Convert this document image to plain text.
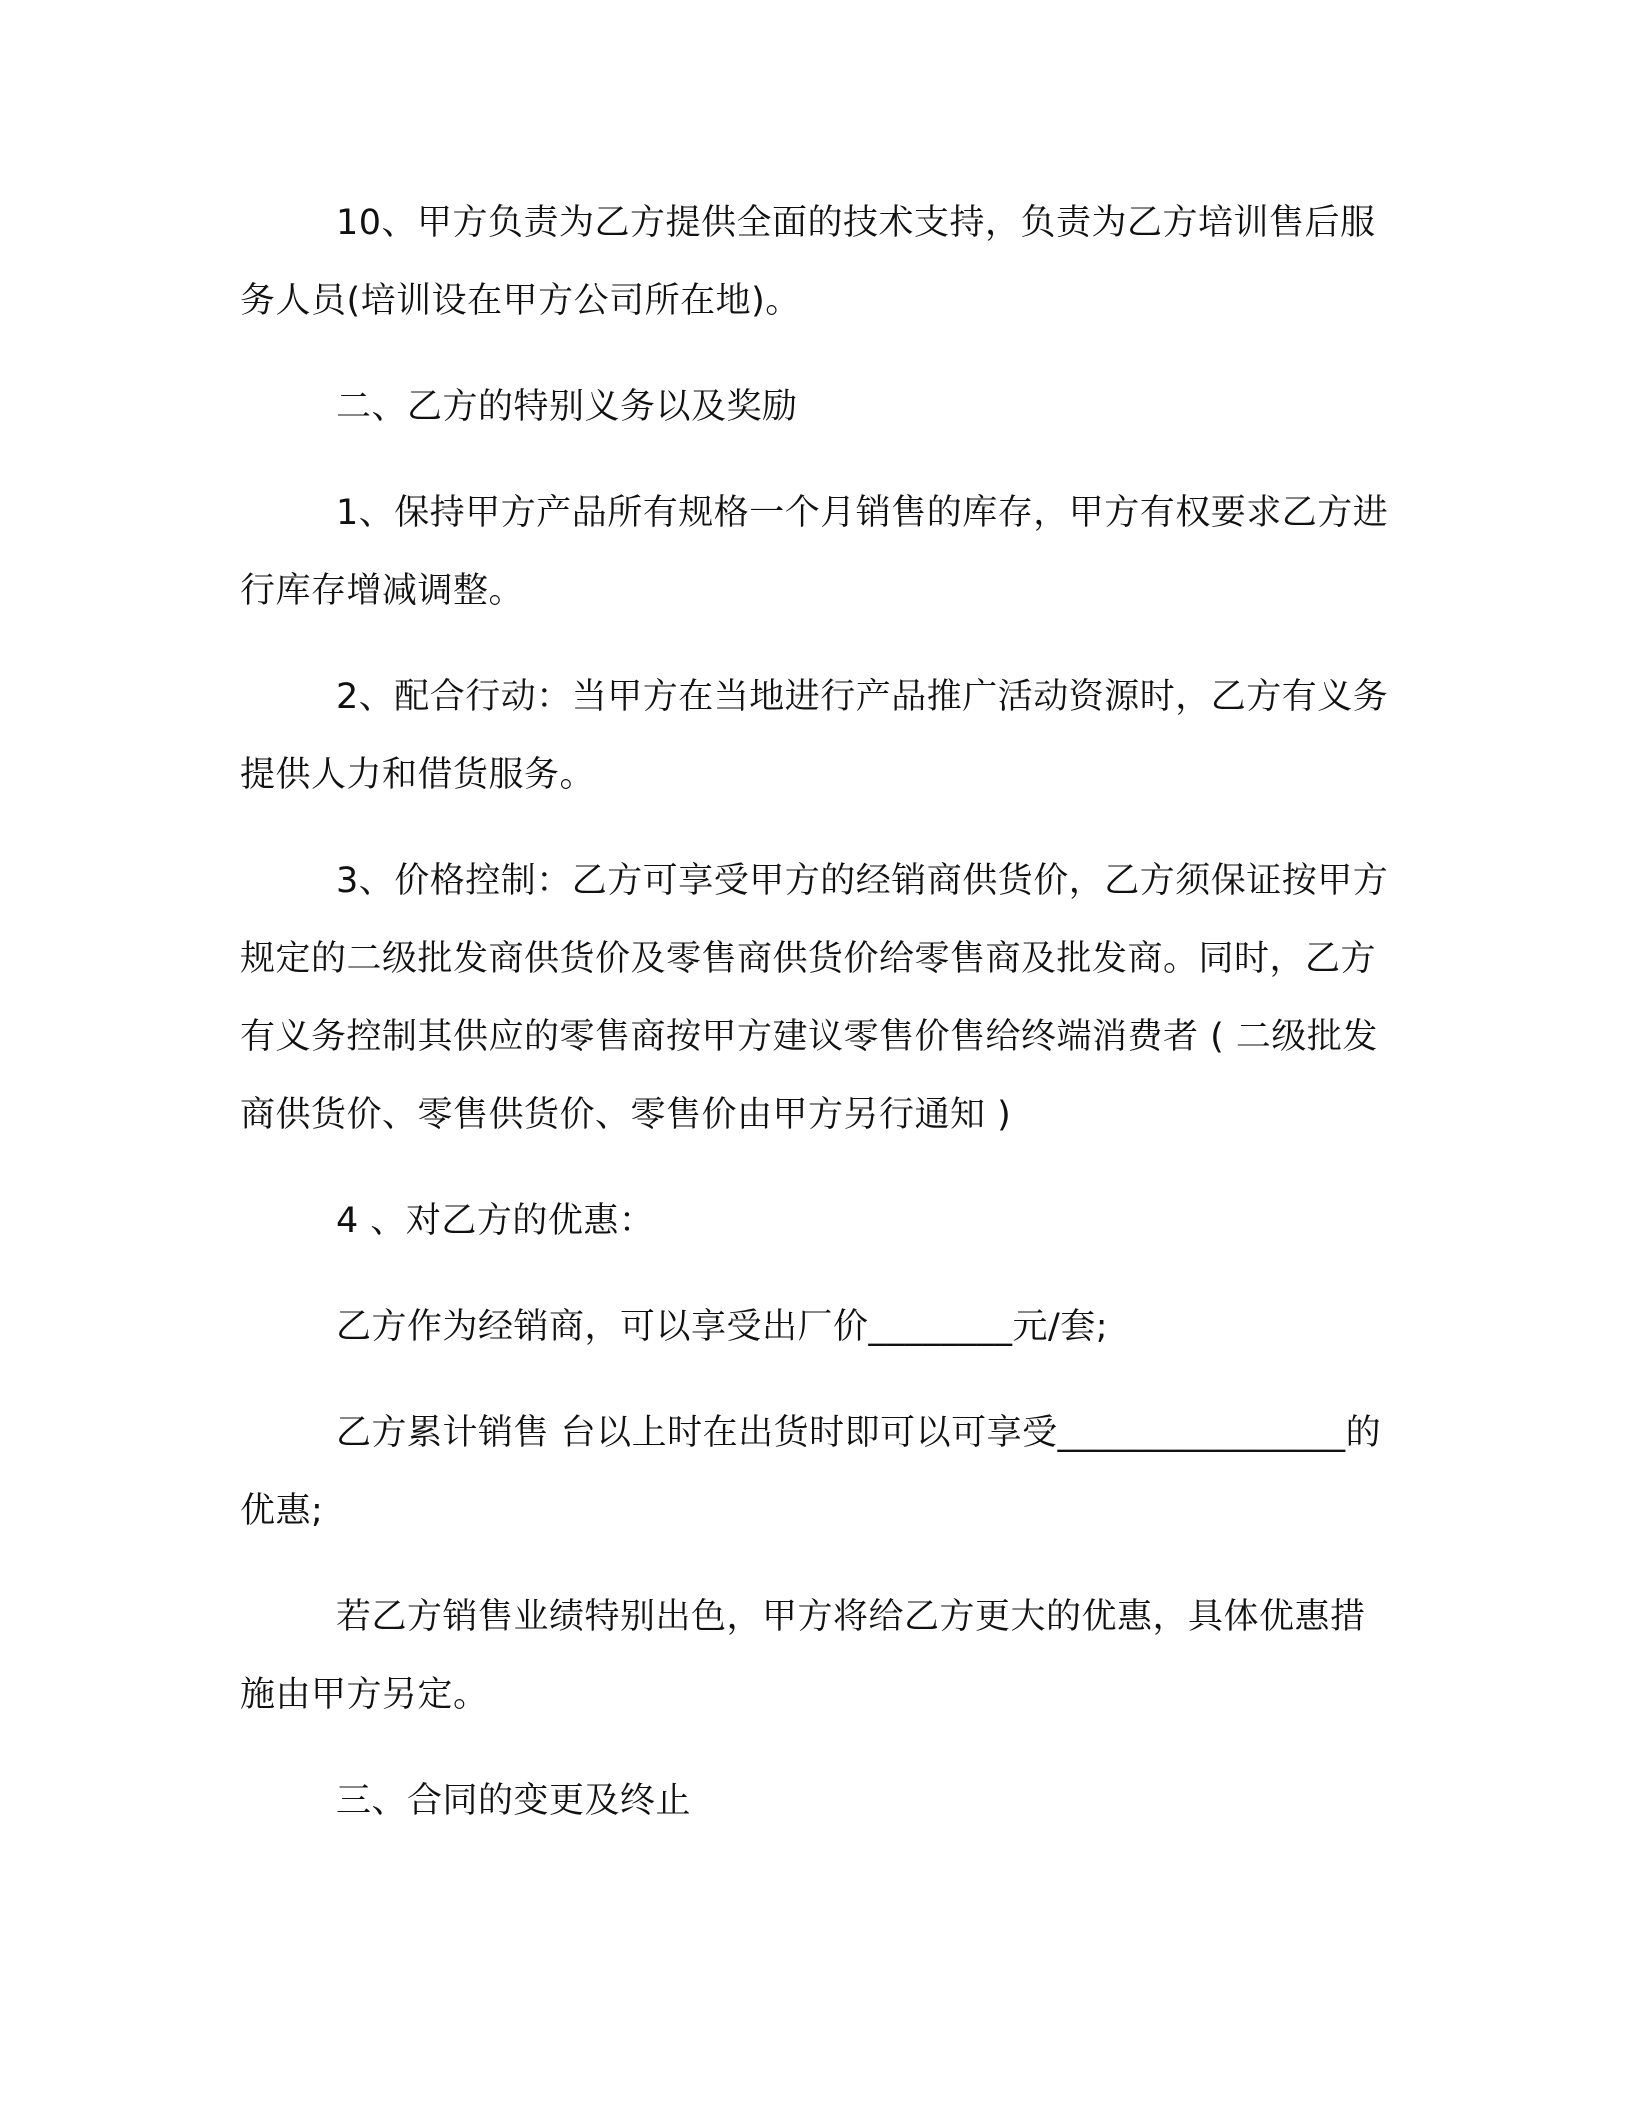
10、甲方负责为乙方提供全面的技术支持，负责为乙方培训售后服务人员(培训设在甲方公司所在地)。

二、乙方的特别义务以及奖励

1、保持甲方产品所有规格一个月销售的库存，甲方有权要求乙方进行库存增减调整。

2、配合行动：当甲方在当地进行产品推广活动资源时，乙方有义务提供人力和借货服务。

3、价格控制：乙方可享受甲方的经销商供货价，乙方须保证按甲方规定的二级批发商供货价及零售商供货价给零售商及批发商。同时，乙方有义务控制其供应的零售商按甲方建议零售价售给终端消费者 ( 二级批发商供货价、零售供货价、零售价由甲方另行通知 )

4 、对乙方的优惠：

乙方作为经销商，可以享受出厂价________元/套;

乙方累计销售 台以上时在出货时即可以可享受________________的优惠;

若乙方销售业绩特别出色，甲方将给乙方更大的优惠，具体优惠措施由甲方另定。

三、合同的变更及终止
